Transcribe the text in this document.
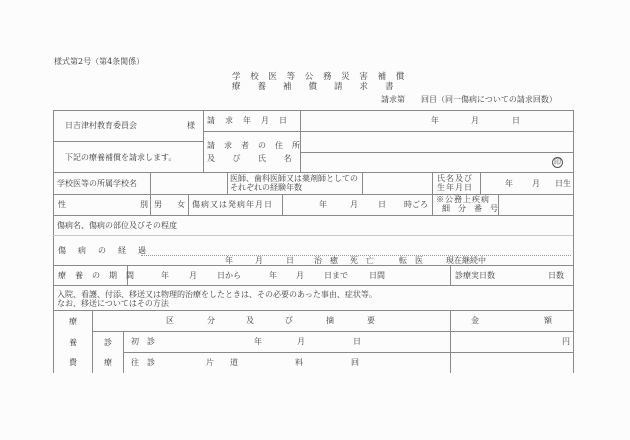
様式第2号（第4条関係）
学 校 医 等 公 務 災 害 補 償
療　　養　　補　　償　　請　　求　　書
請求第 回目（同一傷病についての請求回数）
日吉津村教育委員会	様
下記の療養補償を請求します。
請　求　年　月　日	年	月	日
請　求　者　の　住　所
及　　び　　氏　　名	印
学校医等の所属学校名
医師、歯科医師又は薬剤師としての
それぞれの経験年数
氏名及び
生年月日	年 月 日生
性	別 男 女 傷病又は発病年月日	年	月	日 時ごろ
※公務上疾病
細　分　番　号
傷病名、傷病の部位及びその程度
傷　病　の　経　過
年	月	日	治　癒 死　亡	転　医	現在継続中
療　養　の　期　間	年	月	日から	年 月	日まで	日間	診療実日数	日数
入院、看護、付添、移送又は物理的治療をしたときは、その必要のあった事由、症状等。
なお、移送についてはその方法
療
養
費
区	分	及	び	摘	要	金	額
診
療
初　診	年	月	日	円
往　診	片　　道	料	回
